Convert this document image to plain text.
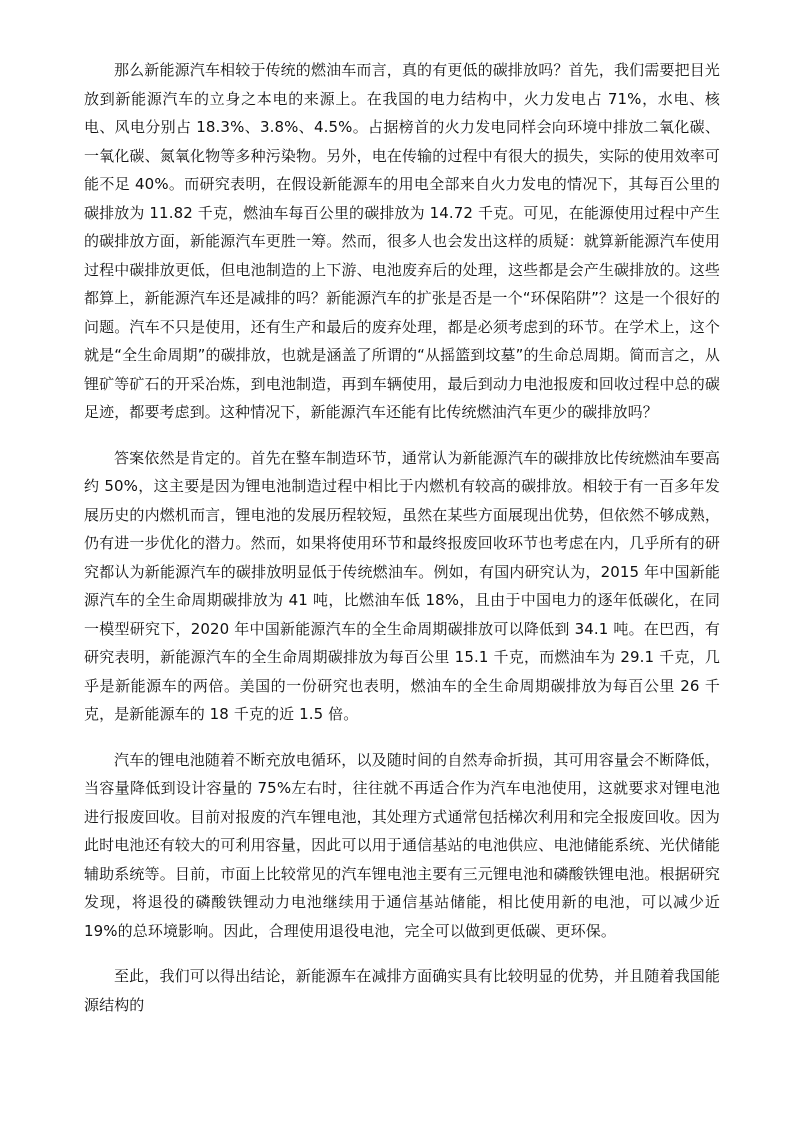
那么新能源汽车相较于传统的燃油车而言，真的有更低的碳排放吗？首先，我们需要把目光放到新能源汽车的立身之本电的来源上。在我国的电力结构中，火力发电占 71%，水电、核电、风电分别占 18.3%、3.8%、4.5%。占据榜首的火力发电同样会向环境中排放二氧化碳、一氧化碳、氮氧化物等多种污染物。另外，电在传输的过程中有很大的损失，实际的使用效率可能不足 40%。而研究表明，在假设新能源车的用电全部来自火力发电的情况下，其每百公里的碳排放为 11.82 千克，燃油车每百公里的碳排放为 14.72 千克。可见，在能源使用过程中产生的碳排放方面，新能源汽车更胜一筹。然而，很多人也会发出这样的质疑：就算新能源汽车使用过程中碳排放更低，但电池制造的上下游、电池废弃后的处理，这些都是会产生碳排放的。这些都算上，新能源汽车还是减排的吗？新能源汽车的扩张是否是一个“环保陷阱”？这是一个很好的问题。汽车不只是使用，还有生产和最后的废弃处理，都是必须考虑到的环节。在学术上，这个就是“全生命周期”的碳排放，也就是涵盖了所谓的“从摇篮到坟墓”的生命总周期。简而言之，从锂矿等矿石的开采冶炼，到电池制造，再到车辆使用，最后到动力电池报废和回收过程中总的碳足迹，都要考虑到。这种情况下，新能源汽车还能有比传统燃油汽车更少的碳排放吗？

答案依然是肯定的。首先在整车制造环节，通常认为新能源汽车的碳排放比传统燃油车要高约 50%，这主要是因为锂电池制造过程中相比于内燃机有较高的碳排放。相较于有一百多年发展历史的内燃机而言，锂电池的发展历程较短，虽然在某些方面展现出优势，但依然不够成熟，仍有进一步优化的潜力。然而，如果将使用环节和最终报废回收环节也考虑在内，几乎所有的研究都认为新能源汽车的碳排放明显低于传统燃油车。例如，有国内研究认为，2015 年中国新能源汽车的全生命周期碳排放为 41 吨，比燃油车低 18%，且由于中国电力的逐年低碳化，在同一模型研究下，2020 年中国新能源汽车的全生命周期碳排放可以降低到 34.1 吨。在巴西，有研究表明，新能源汽车的全生命周期碳排放为每百公里 15.1 千克，而燃油车为 29.1 千克，几乎是新能源车的两倍。美国的一份研究也表明，燃油车的全生命周期碳排放为每百公里 26 千克，是新能源车的 18 千克的近 1.5 倍。

汽车的锂电池随着不断充放电循环，以及随时间的自然寿命折损，其可用容量会不断降低，当容量降低到设计容量的 75%左右时，往往就不再适合作为汽车电池使用，这就要求对锂电池进行报废回收。目前对报废的汽车锂电池，其处理方式通常包括梯次利用和完全报废回收。因为此时电池还有较大的可利用容量，因此可以用于通信基站的电池供应、电池储能系统、光伏储能辅助系统等。目前，市面上比较常见的汽车锂电池主要有三元锂电池和磷酸铁锂电池。根据研究发现，将退役的磷酸铁锂动力电池继续用于通信基站储能，相比使用新的电池，可以减少近 19%的总环境影响。因此，合理使用退役电池，完全可以做到更低碳、更环保。

至此，我们可以得出结论，新能源车在减排方面确实具有比较明显的优势，并且随着我国能源结构的
